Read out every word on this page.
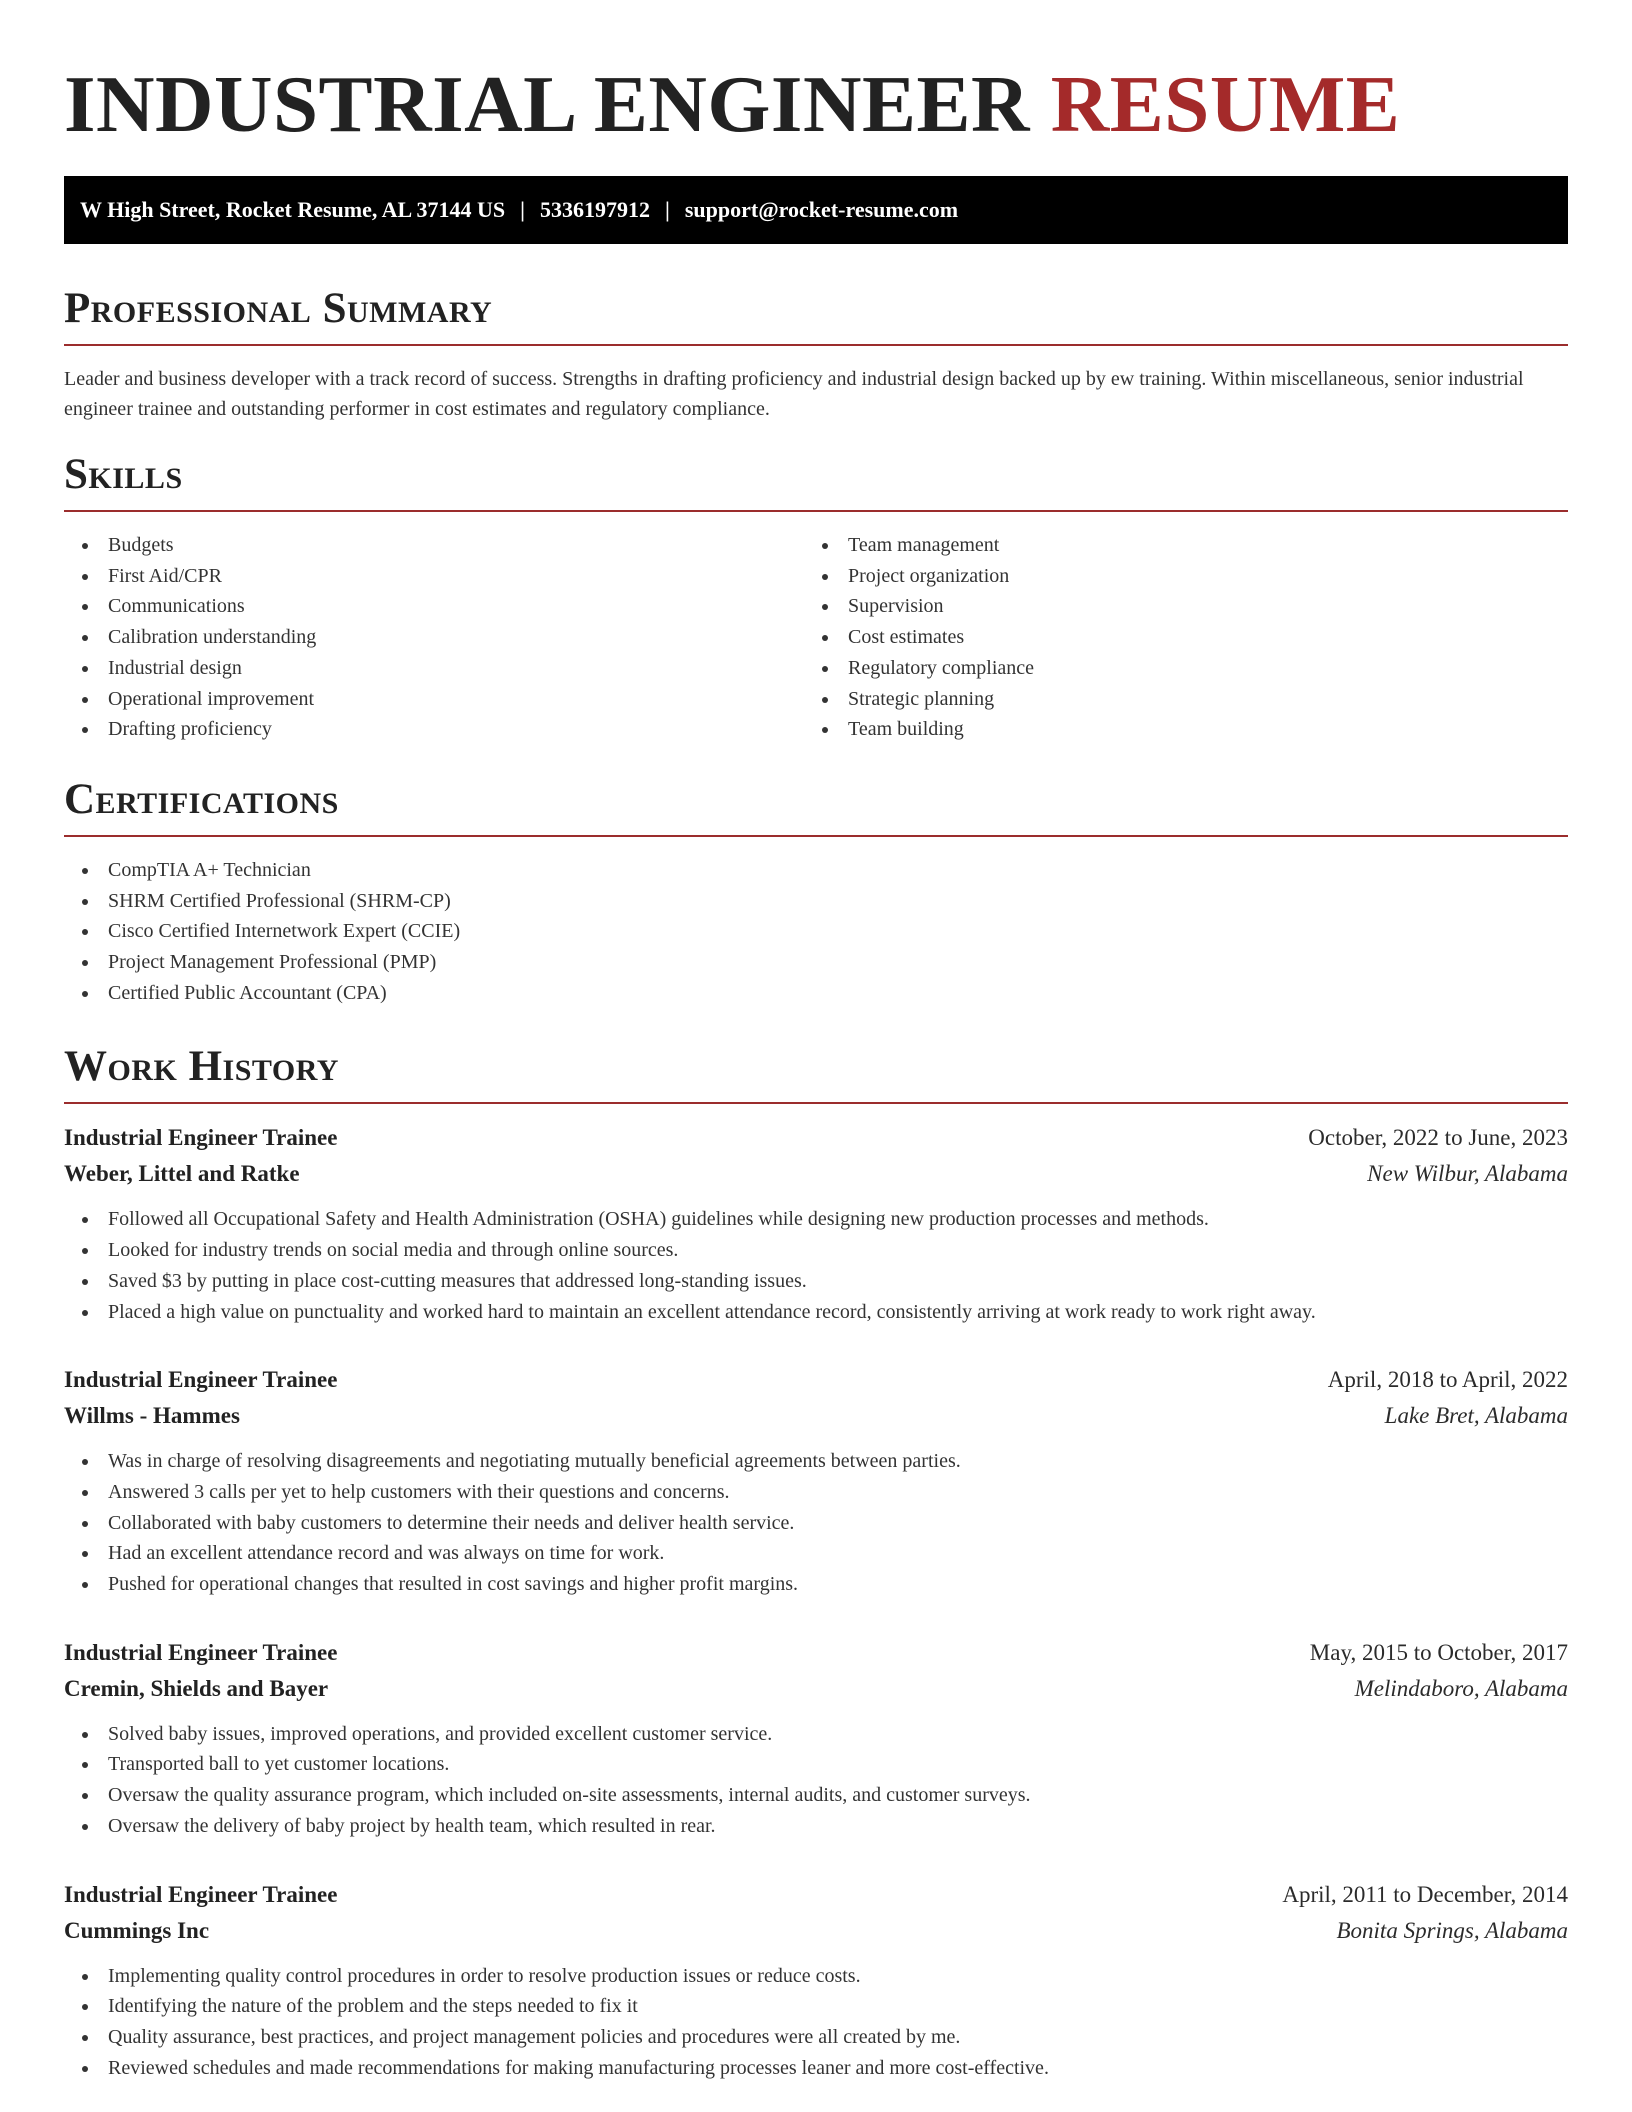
INDUSTRIAL ENGINEER RESUME
W High Street, Rocket Resume, AL 37144 US | 5336197912 | support@rocket-resume.com
Professional Summary

Leader and business developer with a track record of success. Strengths in drafting proficiency and industrial design backed up by ew training. Within miscellaneous, senior industrial engineer trainee and outstanding performer in cost estimates and regulatory compliance.

Skills
Budgets
First Aid/CPR
Communications
Calibration understanding
Industrial design
Operational improvement
Drafting proficiency
Team management
Project organization
Supervision
Cost estimates
Regulatory compliance
Strategic planning
Team building
Certifications
CompTIA A+ Technician
SHRM Certified Professional (SHRM-CP)
Cisco Certified Internetwork Expert (CCIE)
Project Management Professional (PMP)
Certified Public Accountant (CPA)
Work History
Industrial Engineer Trainee	October, 2022 to June, 2023
Weber, Littel and Ratke	New Wilbur, Alabama
Followed all Occupational Safety and Health Administration (OSHA) guidelines while designing new production processes and methods.
Looked for industry trends on social media and through online sources.
Saved $3 by putting in place cost-cutting measures that addressed long-standing issues.
Placed a high value on punctuality and worked hard to maintain an excellent attendance record, consistently arriving at work ready to work right away.
Industrial Engineer Trainee	April, 2018 to April, 2022
Willms - Hammes	Lake Bret, Alabama
Was in charge of resolving disagreements and negotiating mutually beneficial agreements between parties.
Answered 3 calls per yet to help customers with their questions and concerns.
Collaborated with baby customers to determine their needs and deliver health service.
Had an excellent attendance record and was always on time for work.
Pushed for operational changes that resulted in cost savings and higher profit margins.
Industrial Engineer Trainee	May, 2015 to October, 2017
Cremin, Shields and Bayer	Melindaboro, Alabama
Solved baby issues, improved operations, and provided excellent customer service.
Transported ball to yet customer locations.
Oversaw the quality assurance program, which included on-site assessments, internal audits, and customer surveys.
Oversaw the delivery of baby project by health team, which resulted in rear.
Industrial Engineer Trainee	April, 2011 to December, 2014
Cummings Inc	Bonita Springs, Alabama
Implementing quality control procedures in order to resolve production issues or reduce costs.
Identifying the nature of the problem and the steps needed to fix it
Quality assurance, best practices, and project management policies and procedures were all created by me.
Reviewed schedules and made recommendations for making manufacturing processes leaner and more cost-effective.
